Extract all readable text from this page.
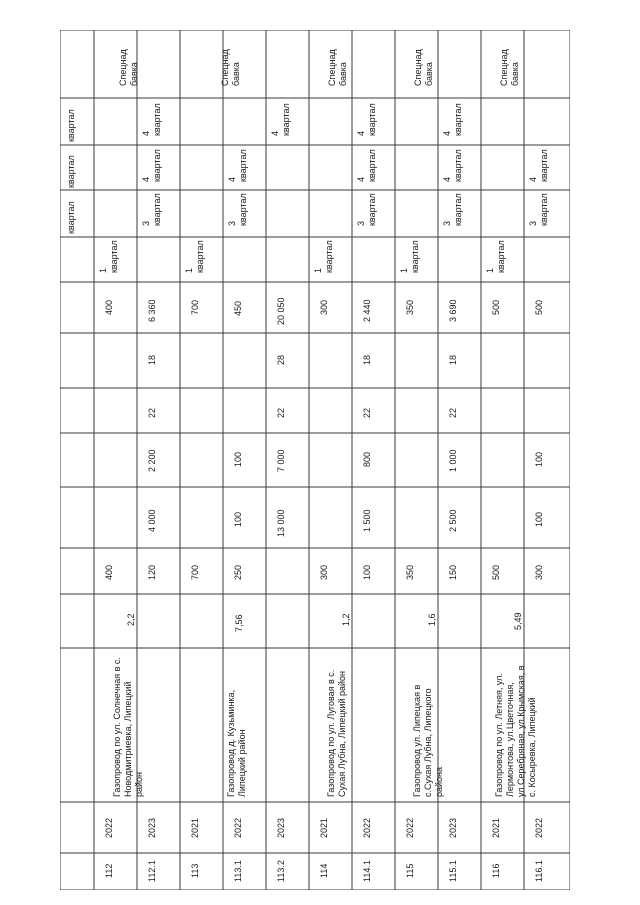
112
2022
Газопровод по ул. Солнечная в с. Новодмитриевка, Липецкий район
2,2
400
400
1 квартал
Спецнад бавка
квартал
квартал
квартал
112.1
2023
120
4 000
2 200
22
18
6 360
3 квартал
4 квартал
4 квартал
113
2021
Газопровод д. Кузьминка, Липецкий район
7,56
700
700
1 квартал
Спецнад бавка
113.1
2022
250
100
100
450
3 квартал
4 квартал
113.2
2023
13 000
7 000
22
28
20 050
4 квартал
114
2021
Газопровод по ул. Луговая в с. Сухая Лубна, Липецкий район
1,2
300
300
1 квартал
Спецнад бавка
114.1
2022
100
1 500
800
22
18
2 440
3 квартал
4 квартал
4 квартал
115
2022
Газопровод ул. Липецкая в с.Сухая Лубна, Липецкого района
1,6
350
350
1 квартал
Спецнад бавка
115.1
2023
150
2 500
1 000
22
18
3 690
3 квартал
4 квартал
4 квартал
116
2021
Газопровод по ул. Летняя, ул. Лермонтова, ул.Цветочная, ул.Серебряная, ул.Крымская, в с. Косыревка, Липецкий
5,49
500
500
1 квартал
Спецнад бавка
116.1
2022
300
100
100
500
3 квартал
4 квартал
